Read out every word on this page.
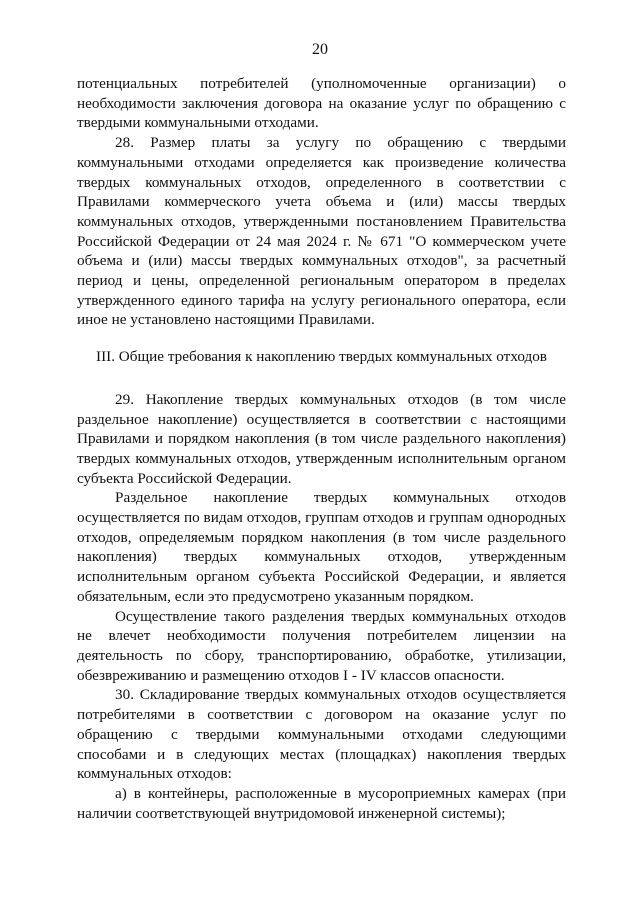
20

потенциальных потребителей (уполномоченные организации) о необходимости заключения договора на оказание услуг по обращению с твердыми коммунальными отходами.

28. Размер платы за услугу по обращению с твердыми коммунальными отходами определяется как произведение количества твердых коммунальных отходов, определенного в соответствии с Правилами коммерческого учета объема и (или) массы твердых коммунальных отходов, утвержденными постановлением Правительства Российской Федерации от 24 мая 2024 г. № 671 "О коммерческом учете объема и (или) массы твердых коммунальных отходов", за расчетный период и цены, определенной региональным оператором в пределах утвержденного единого тарифа на услугу регионального оператора, если иное не установлено настоящими Правилами.

III. Общие требования к накоплению твердых коммунальных отходов

29. Накопление твердых коммунальных отходов (в том числе раздельное накопление) осуществляется в соответствии с настоящими Правилами и порядком накопления (в том числе раздельного накопления) твердых коммунальных отходов, утвержденным исполнительным органом субъекта Российской Федерации.

Раздельное накопление твердых коммунальных отходов осуществляется по видам отходов, группам отходов и группам однородных отходов, определяемым порядком накопления (в том числе раздельного накопления) твердых коммунальных отходов, утвержденным исполнительным органом субъекта Российской Федерации, и является обязательным, если это предусмотрено указанным порядком.

Осуществление такого разделения твердых коммунальных отходов не влечет необходимости получения потребителем лицензии на деятельность по сбору, транспортированию, обработке, утилизации, обезвреживанию и размещению отходов I - IV классов опасности.

30. Складирование твердых коммунальных отходов осуществляется потребителями в соответствии с договором на оказание услуг по обращению с твердыми коммунальными отходами следующими способами и в следующих местах (площадках) накопления твердых коммунальных отходов:

а) в контейнеры, расположенные в мусороприемных камерах (при наличии соответствующей внутридомовой инженерной системы);
